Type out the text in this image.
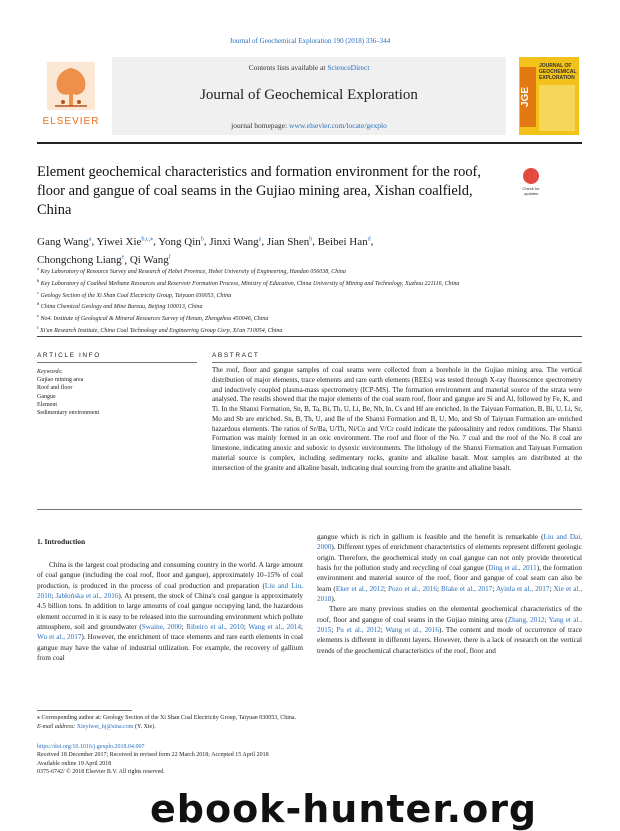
Journal of Geochemical Exploration 190 (2018) 336–344
ELSEVIER
Contents lists available at ScienceDirect
Journal of Geochemical Exploration
journal homepage: www.elsevier.com/locate/gexplo
JGE
JOURNAL OF
GEOCHEMICAL
EXPLORATION
Element geochemical characteristics and formation environment for the roof, floor and gangue of coal seams in the Gujiao mining area, Xishan coalfield, China
Check for
updates
Gang Wang$^a$, Yiwei Xie$^{b,c,⁎}$, Yong Qin$^b$, Jinxi Wang$^a$, Jian Shen$^b$, Beibei Han$^d$,
Chongchong Liang$^e$, Qi Wang$^f$
$^a$ Key Laboratory of Resource Survey and Research of Hebei Province, Hebei University of Engineering, Handan 056038, China
$^b$ Key Laboratory of Coalbed Methane Resources and Reservoir Formation Process, Ministry of Education, China University of Mining and Technology, Xuzhou 221116, China
$^c$ Geology Section of the Xi Shan Coal Electricity Group, Taiyuan 030053, China
$^d$ China Chemical Geology and Mine Bureau, Beijing 100013, China
$^e$ No4. Institute of Geological & Mineral Resources Survey of Henan, Zhengzhou 450046, China
$^f$ Xi'an Research Institute, China Coal Technology and Engineering Group Corp, Xi'an 710054, China
ARTICLE INFO	ABSTRACT
Keywords:
Gujiao mining area
Roof and floor
Gangue
Element
Sedimentary environment
The roof, floor and gangue samples of coal seams were collected from a borehole in the Gujiao mining area. The vertical distribution of major elements, trace elements and rare earth elements (REEs) was tested through X-ray fluorescence spectrometry and inductively coupled plasma-mass spectrometry (ICP-MS). The formation environment and material source of the strata were analysed. The results showed that the major elements of the coal seam roof, floor and gangue are Si and Al, followed by Fe, K, and Ti. In the Shanxi Formation, Sn, B, Ta, Bi, Th, U, Li, Be, Nb, In, Cs and Hf are enriched. In the Taiyuan Formation, B, Bi, U, Li, Sr, Mo and Sb are enriched. Sn, B, Th, U, and Be of the Shanxi Formation and B, U, Mo, and Sb of Taiyuan Formation are enriched hazardous elements. The ratios of Sr/Ba, U/Th, Ni/Co and V/Cr could indicate the paleosalinity and redox conditions. The Shanxi Formation was mainly formed in an oxic environment. The roof and floor of the No. 7 coal and the roof of the No. 8 coal are limestone, indicating anoxic and suboxic to dysoxic environments. The lithology of the Shanxi Formation and Taiyuan Formation material source is complex, including sedimentary rocks, granite and alkaline basalt. Most samples are distributed at the intersection of the granite and alkaline basalt, indicating dual sourcing from the granite and alkaline basalt.
1. Introduction
China is the largest coal producing and consuming country in the world. A large amount of coal gangue (including the coal roof, floor and gangue), approximately 10–15% of coal production, is produced in the process of coal production and preparation (Liu and Liu, 2010; Jabłońska et al., 2016). At present, the stock of China's coal gangue is approximately 4.5 billion tons. In addition to large amounts of coal gangue occupying land, the hazardous element occurred in it is easy to be released into the surrounding environment which pollute atmosphere, soil and groundwater (Swaine, 2000; Ribeiro et al., 2010; Wang et al., 2014; Wu et al., 2017). However, the enrichment of trace elements and rare earth elements in coal gangue may have the value of industrial utilization. For example, the recovery of gallium from coal

gangue which is rich in gallium is feasible and the benefit is remarkable (Liu and Dai, 2000). Different types of enrichment characteristics of elements represent different geologic origin. Therefore, the geochemical study on coal gangue can not only provide theoretical basis for the pollution study and recycling of coal gangue (Ding et al., 2011), the formation environment and material source of the roof, floor and gangue of coal seam can also be learn (Eker et al., 2012; Pozo et al., 2016; Blake et al., 2017; Ayinla et al., 2017; Xie et al., 2018).

There are many previous studies on the elemental geochemical characteristics of the roof, floor and gangue of coal seams in the Gujiao mining area (Zhang, 2012; Yang et al., 2015; Pu et al., 2012; Wang et al., 2016). The content and mode of occurrence of trace elements is different in different layers. However, there is a lack of research on the vertical trends of the geochemical characteristics of the roof, floor and

⁎ Corresponding author at: Geology Section of the Xi Shan Coal Electricity Group, Taiyuan 030053, China.
E-mail address: Xieyiwei_hj@sina.com (Y. Xie).
https://doi.org/10.1016/j.gexplo.2018.04.007
Received 18 December 2017; Received in revised form 22 March 2018; Accepted 15 April 2018
Available online 19 April 2018
0375-6742/ © 2018 Elsevier B.V. All rights reserved.
ebook-hunter.org
